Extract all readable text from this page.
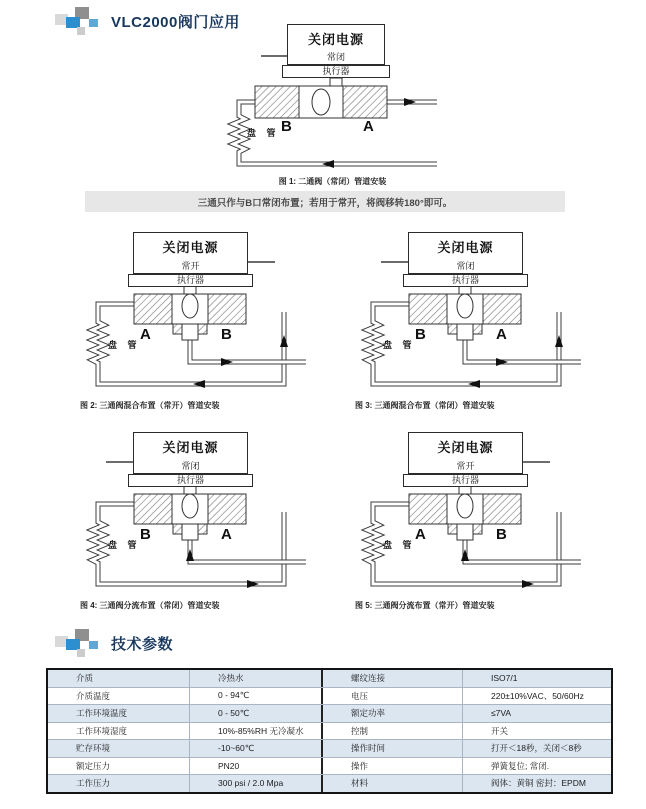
VLC2000阀门应用
关闭电源
常闭
执行器
B	A
盘 管
图 1: 二通阀（常闭）管道安装
三通只作与B口常闭布置；若用于常开，将阀移转180°即可。
关闭电源
常开
执行器
A	B
盘 管
图 2: 三通阀混合布置（常开）管道安装
关闭电源
常闭
执行器
B	A
盘 管
图 3: 三通阀混合布置（常闭）管道安装
关闭电源
常闭
执行器
B	A
盘 管
图 4: 三通阀分流布置（常闭）管道安装
关闭电源
常开
执行器
A	B
盘 管
图 5: 三通阀分流布置（常开）管道安装
技术参数
介质	冷热水	螺纹连接	ISO7/1
介质温度	0 - 94℃	电压	220±10%VAC、50/60Hz
工作环境温度	0 - 50℃	额定功率	≤7VA
工作环境湿度	10%-85%RH 无冷凝水	控制	开关
贮存环境	-10~60℃	操作时间	打开＜18秒，关闭＜8秒
额定压力	PN20	操作	弹簧复位; 常闭.
工作压力	300 psi / 2.0 Mpa	材料	阀体：黄铜 密封：EPDM
